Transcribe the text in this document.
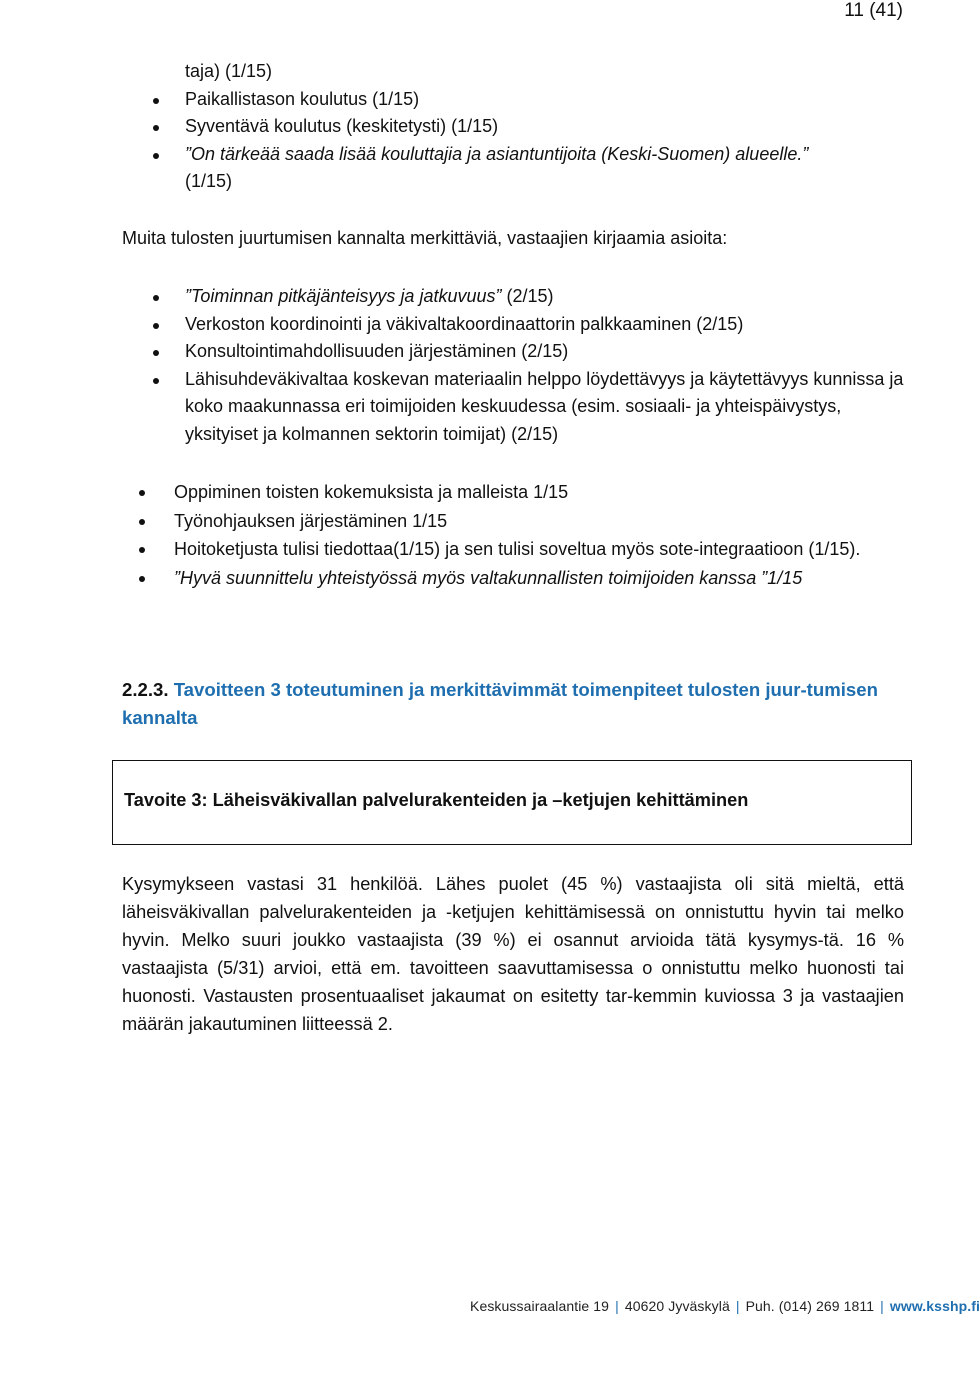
11 (41)
taja) (1/15)
Paikallistason koulutus (1/15)
Syventävä koulutus (keskitetysti) (1/15)
”On tärkeää saada lisää kouluttajia ja asiantuntijoita (Keski-Suomen) alueelle.”
(1/15)

Muita tulosten juurtumisen kannalta merkittäviä, vastaajien kirjaamia asioita:

”Toiminnan pitkäjänteisyys ja jatkuvuus” (2/15)
Verkoston koordinointi ja väkivaltakoordinaattorin palkkaaminen (2/15)
Konsultointimahdollisuuden järjestäminen (2/15)
Lähisuhdeväkivaltaa koskevan materiaalin helppo löydettävyys ja käytettävyys kunnissa ja koko maakunnassa eri toimijoiden keskuudessa (esim. sosiaali- ja yhteispäivystys, yksityiset ja kolmannen sektorin toimijat) (2/15)
Oppiminen toisten kokemuksista ja malleista 1/15
Työnohjauksen järjestäminen 1/15
Hoitoketjusta tulisi tiedottaa(1/15) ja sen tulisi soveltua myös sote-integraatioon (1/15).
”Hyvä suunnittelu yhteistyössä myös valtakunnallisten toimijoiden kanssa ”1/15
2.2.3. Tavoitteen 3 toteutuminen ja merkittävimmät toimenpiteet tulosten juur-tumisen kannalta
Tavoite 3: Läheisväkivallan palvelurakenteiden ja –ketjujen kehittäminen

Kysymykseen vastasi 31 henkilöä. Lähes puolet (45 %) vastaajista oli sitä mieltä, että läheisväkivallan palvelurakenteiden ja -ketjujen kehittämisessä on onnistuttu hyvin tai melko hyvin. Melko suuri joukko vastaajista (39 %) ei osannut arvioida tätä kysymys-tä. 16 % vastaajista (5/31) arvioi, että em. tavoitteen saavuttamisessa o onnistuttu melko huonosti tai huonosti. Vastausten prosentuaaliset jakaumat on esitetty tar-kemmin kuviossa 3 ja vastaajien määrän jakautuminen liitteessä 2.

Keskussairaalantie 19 | 40620 Jyväskylä | Puh. (014) 269 1811 | www.ksshp.fi
